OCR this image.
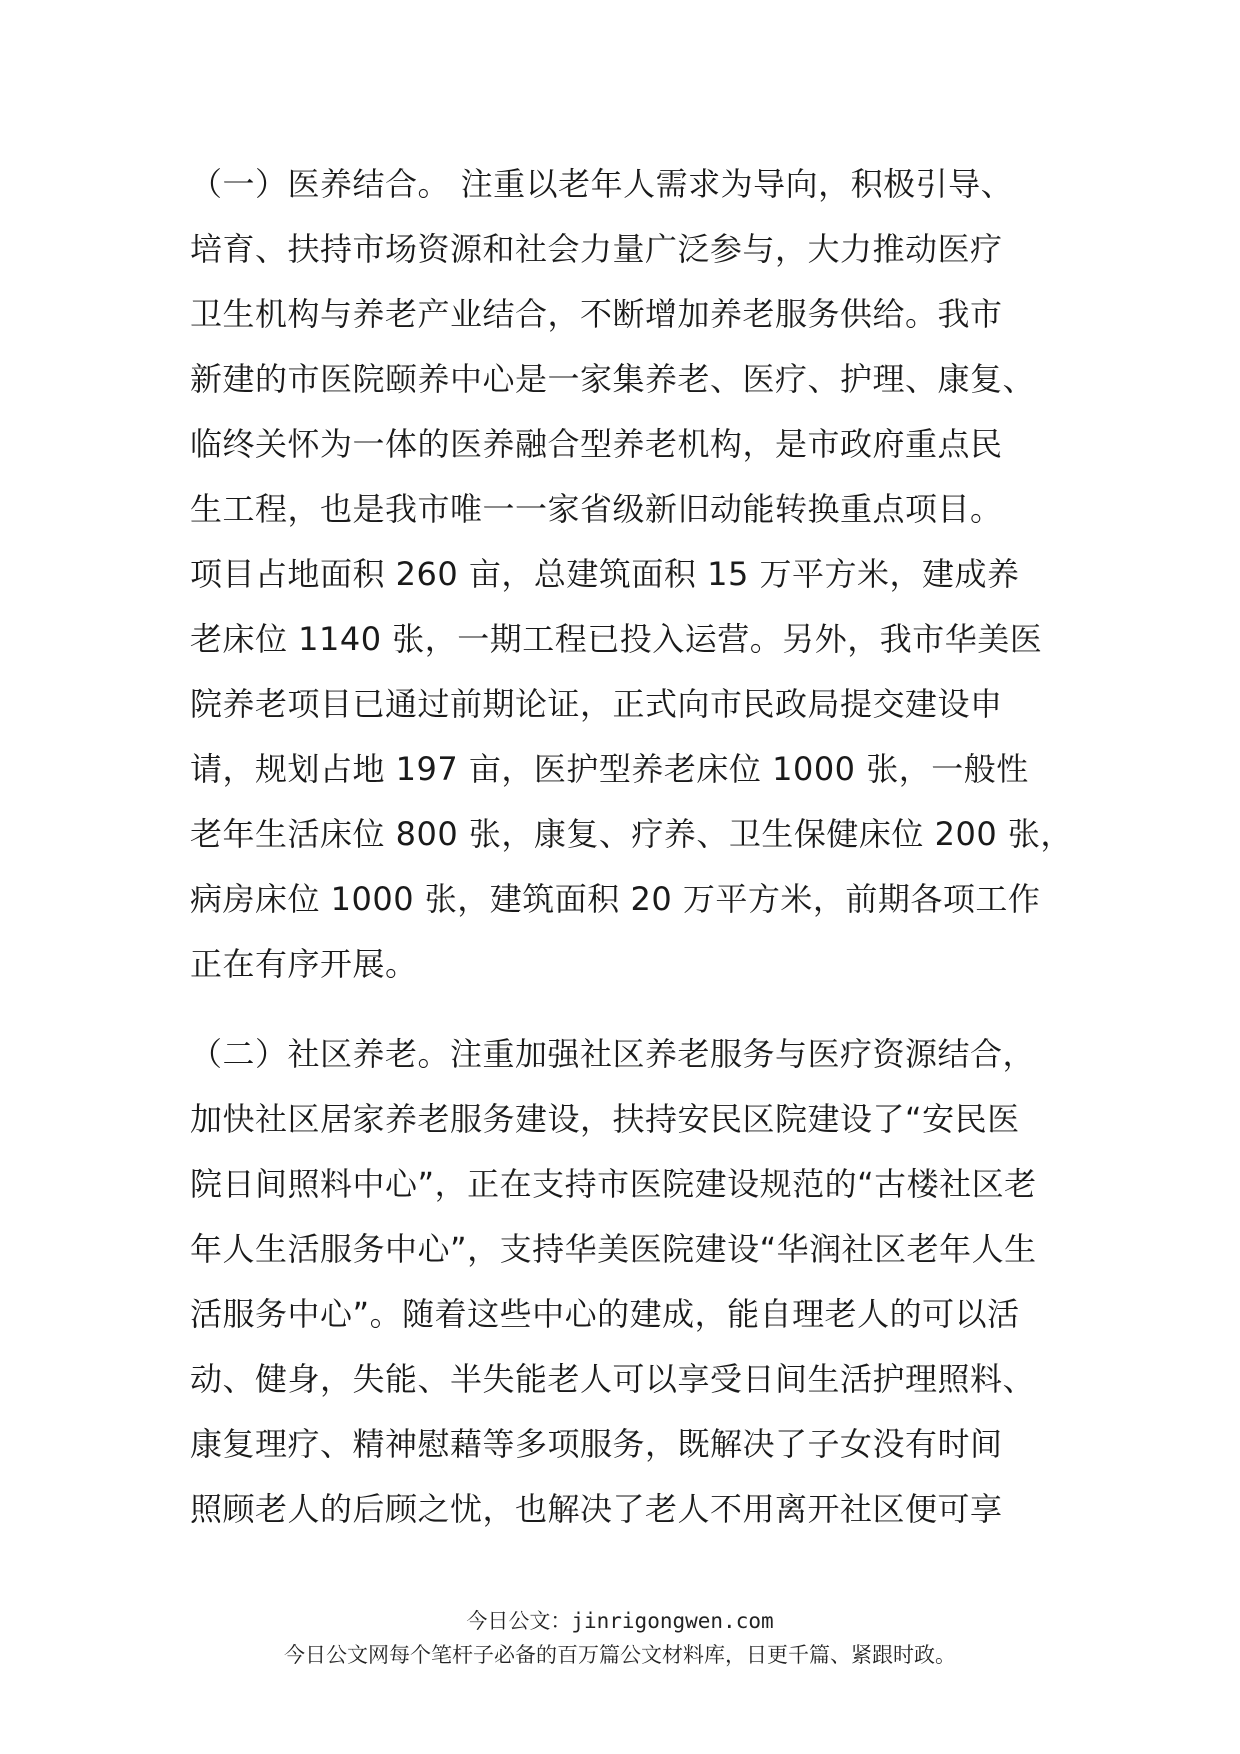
（一）医养结合。 注重以老年人需求为导向，积极引导、
培育、扶持市场资源和社会力量广泛参与，大力推动医疗
卫生机构与养老产业结合，不断增加养老服务供给。我市
新建的市医院颐养中心是一家集养老、医疗、护理、康复、
临终关怀为一体的医养融合型养老机构，是市政府重点民
生工程，也是我市唯一一家省级新旧动能转换重点项目。
项目占地面积 260 亩，总建筑面积 15 万平方米，建成养
老床位 1140 张，一期工程已投入运营。另外，我市华美医
院养老项目已通过前期论证，正式向市民政局提交建设申
请，规划占地 197 亩，医护型养老床位 1000 张，一般性
老年生活床位 800 张，康复、疗养、卫生保健床位 200 张，
病房床位 1000 张，建筑面积 20 万平方米，前期各项工作
正在有序开展。
（二）社区养老。注重加强社区养老服务与医疗资源结合，
加快社区居家养老服务建设，扶持安民区院建设了“安民医
院日间照料中心”，正在支持市医院建设规范的“古楼社区老
年人生活服务中心”，支持华美医院建设“华润社区老年人生
活服务中心”。随着这些中心的建成，能自理老人的可以活
动、健身，失能、半失能老人可以享受日间生活护理照料、
康复理疗、精神慰藉等多项服务，既解决了子女没有时间
照顾老人的后顾之忧，也解决了老人不用离开社区便可享
今日公文：jinrigongwen.com
今日公文网每个笔杆子必备的百万篇公文材料库，日更千篇、紧跟时政。
